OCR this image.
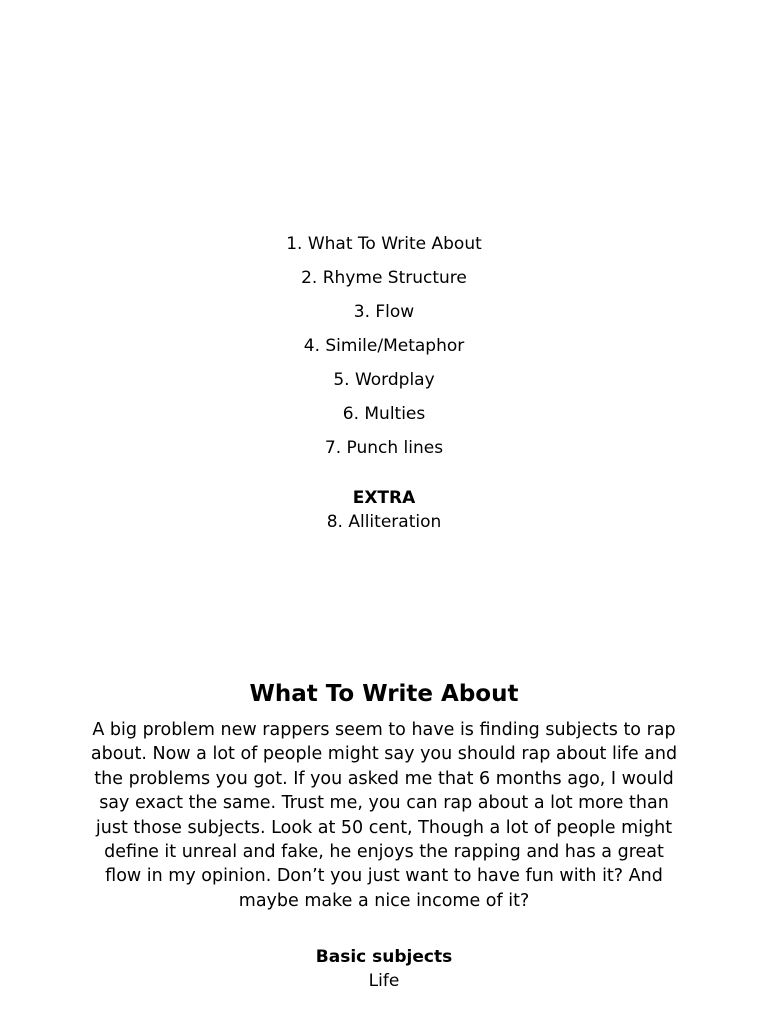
1. What To Write About
2. Rhyme Structure
3. Flow
4. Simile/Metaphor
5. Wordplay
6. Multies
7. Punch lines
EXTRA
8. Alliteration
What To Write About
A big problem new rappers seem to have is finding subjects to rap about. Now a lot of people might say you should rap about life and the problems you got. If you asked me that 6 months ago, I would say exact the same. Trust me, you can rap about a lot more than just those subjects. Look at 50 cent, Though a lot of people might define it unreal and fake, he enjoys the rapping and has a great flow in my opinion. Don’t you just want to have fun with it? And maybe make a nice income of it?
Basic subjects
Life
